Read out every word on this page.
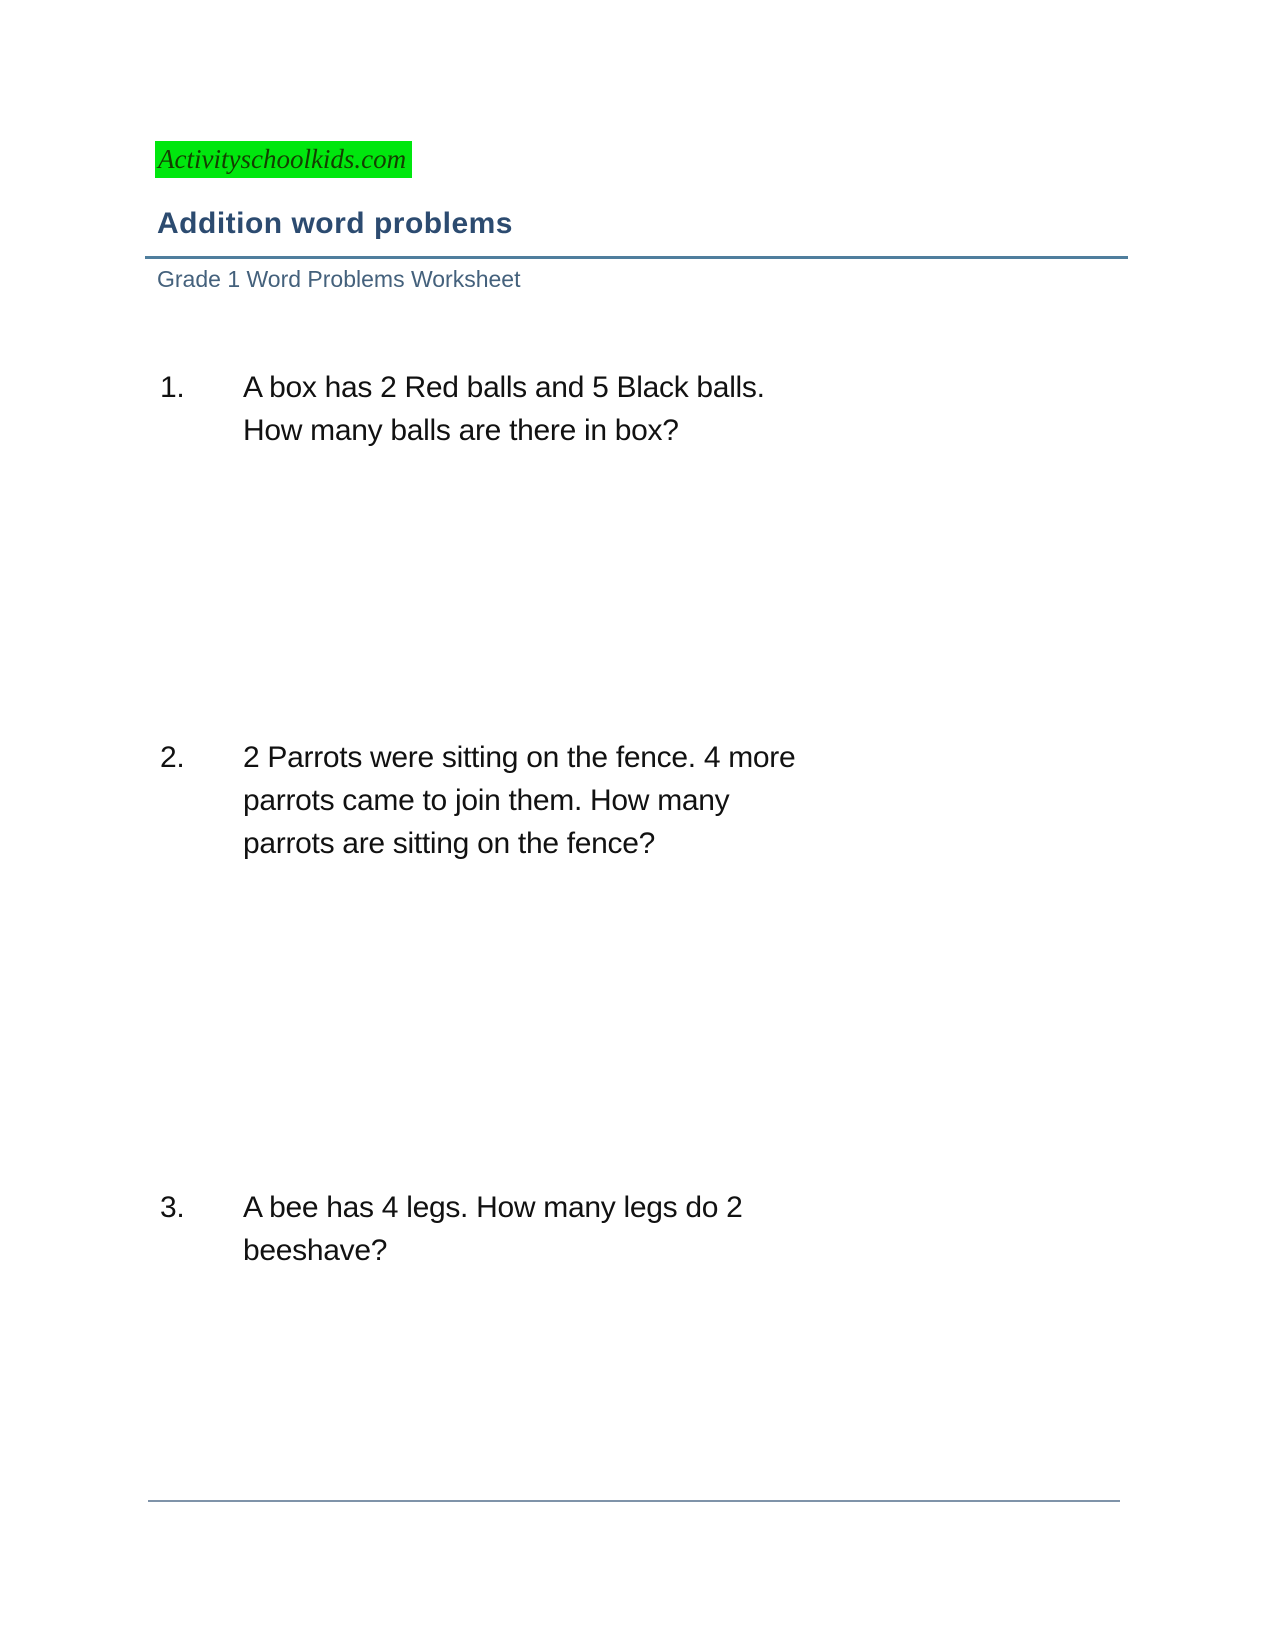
Activityschoolkids.com
Addition word problems
Grade 1 Word Problems Worksheet
1.	A box has 2 Red balls and 5 Black balls.
How many balls are there in box?
2.	2 Parrots were sitting on the fence. 4 more
parrots came to join them. How many
parrots are sitting on the fence?
3.	A bee has 4 legs. How many legs do 2
beeshave?
